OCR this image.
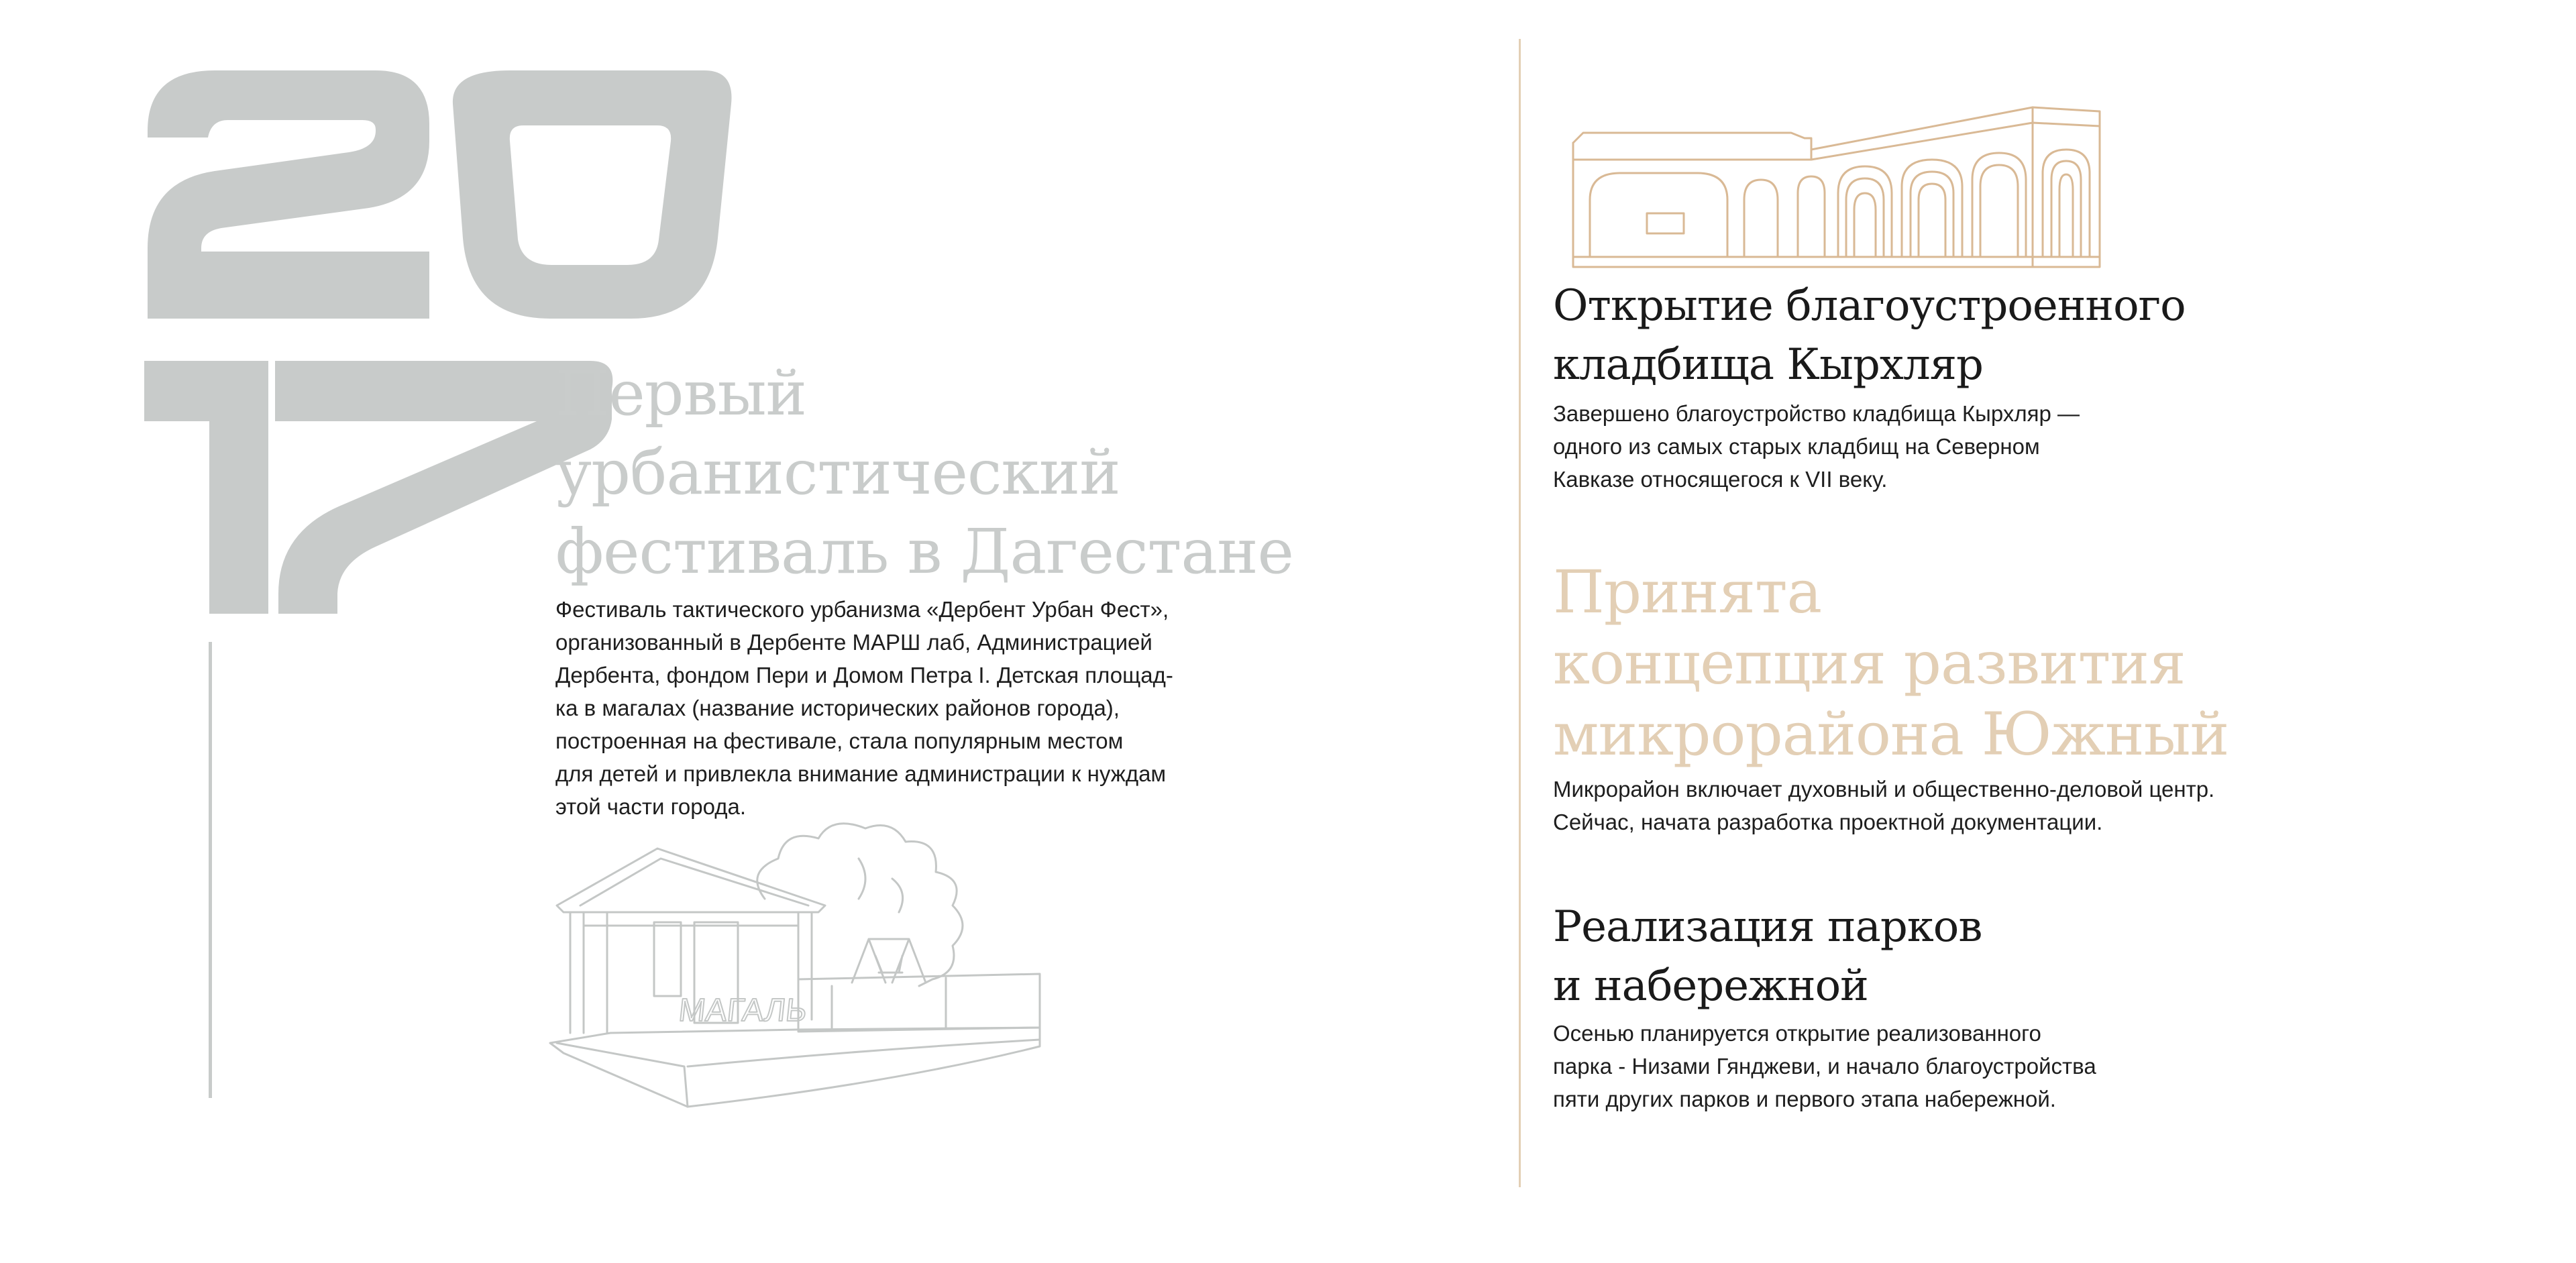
Первый
урбанистический
фестиваль в Дагестане
Фестиваль тактического урбанизма «Дербент Урбан Фест»,
организованный в Дербенте МАРШ лаб, Администрацией
Дербента, фондом Пери и Домом Петра I. Детская площад-
ка в магалах (название исторических районов города),
построенная на фестивале, стала популярным местом
для детей и привлекла внимание администрации к нуждам
этой части города.
МАГАЛЬ
Открытие благоустроенного
кладбища Кырхляр
Завершено благоустройство кладбища Кырхляр —
одного из самых старых кладбищ на Северном
Кавказе относящегося к VII веку.
Принята
концепция развития
микрорайона Южный
Микрорайон включает духовный и общественно-деловой центр.
Сейчас, начата разработка проектной документации.
Реализация парков
и набережной
Осенью планируется открытие реализованного
парка - Низами Гянджеви, и начало благоустройства
пяти других парков и первого этапа набережной.
